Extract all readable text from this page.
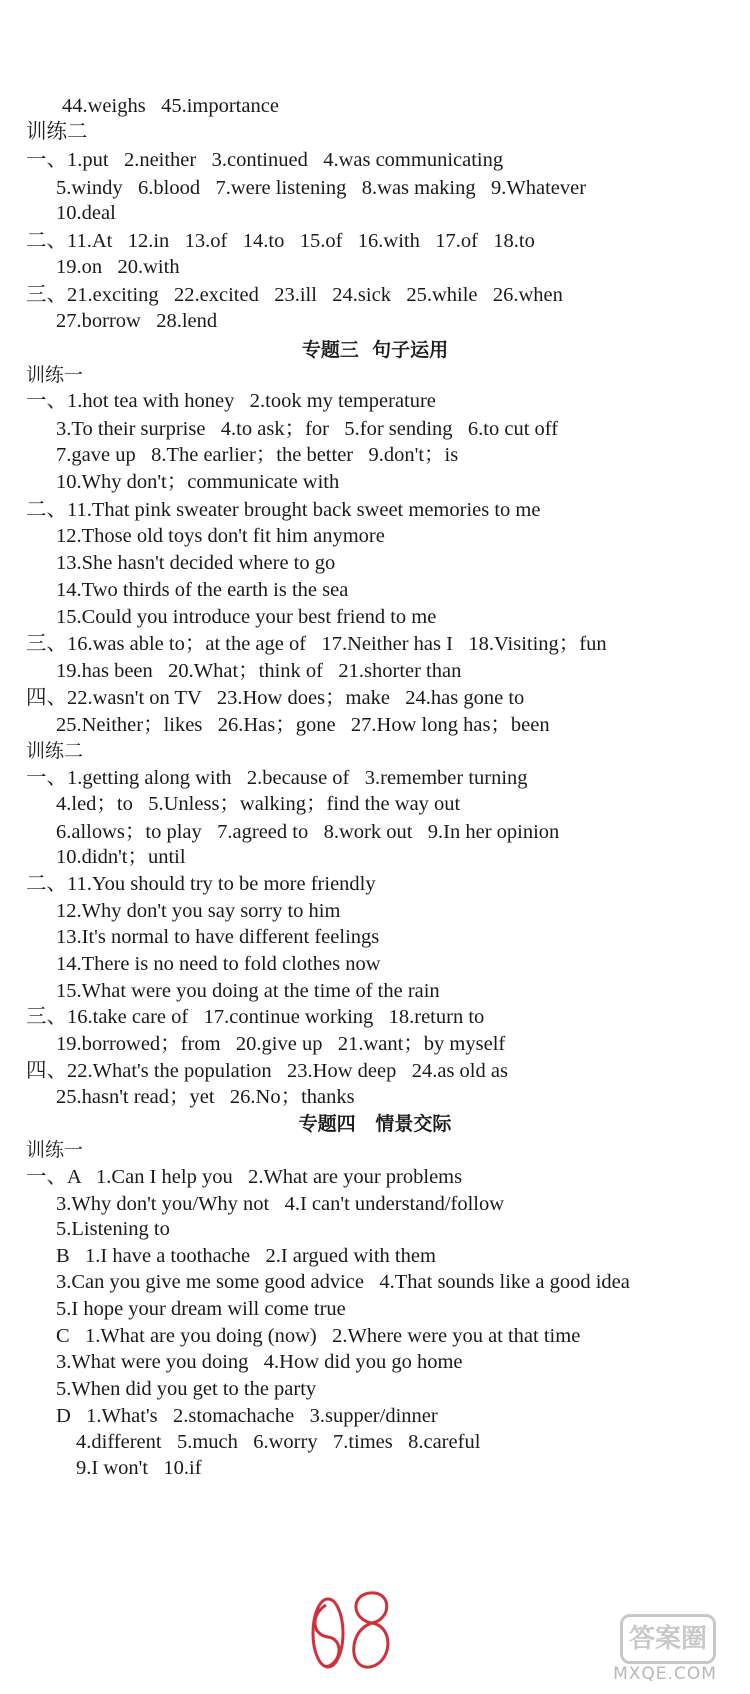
44.weighs   45.importance
训练二
一、1.put   2.neither   3.continued   4.was communicating
5.windy   6.blood   7.were listening   8.was making   9.Whatever
10.deal
二、11.At   12.in   13.of   14.to   15.of   16.with   17.of   18.to
19.on   20.with
三、21.exciting   22.excited   23.ill   24.sick   25.while   26.when
27.borrow   28.lend
专题三  句子运用
训练一
一、1.hot tea with honey   2.took my temperature
3.To their surprise   4.to ask；for   5.for sending   6.to cut off
7.gave up   8.The earlier；the better   9.don't；is
10.Why don't；communicate with
二、11.That pink sweater brought back sweet memories to me
12.Those old toys don't fit him anymore
13.She hasn't decided where to go
14.Two thirds of the earth is the sea
15.Could you introduce your best friend to me
三、16.was able to；at the age of   17.Neither has I   18.Visiting；fun
19.has been   20.What；think of   21.shorter than
四、22.wasn't on TV   23.How does；make   24.has gone to
25.Neither；likes   26.Has；gone   27.How long has；been
训练二
一、1.getting along with   2.because of   3.remember turning
4.led；to   5.Unless；walking；find the way out
6.allows；to play   7.agreed to   8.work out   9.In her opinion
10.didn't；until
二、11.You should try to be more friendly
12.Why don't you say sorry to him
13.It's normal to have different feelings
14.There is no need to fold clothes now
15.What were you doing at the time of the rain
三、16.take care of   17.continue working   18.return to
19.borrowed；from   20.give up   21.want；by myself
四、22.What's the population   23.How deep   24.as old as
25.hasn't read；yet   26.No；thanks
专题四   情景交际
训练一
一、A   1.Can I help you   2.What are your problems
3.Why don't you/Why not   4.I can't understand/follow
5.Listening to
B   1.I have a toothache   2.I argued with them
3.Can you give me some good advice   4.That sounds like a good idea
5.I hope your dream will come true
C   1.What are you doing (now)   2.Where were you at that time
3.What were you doing   4.How did you go home
5.When did you get to the party
D   1.What's   2.stomachache   3.supper/dinner
4.different   5.much   6.worry   7.times   8.careful
9.I won't   10.if
答案圈
MXQE.COM
